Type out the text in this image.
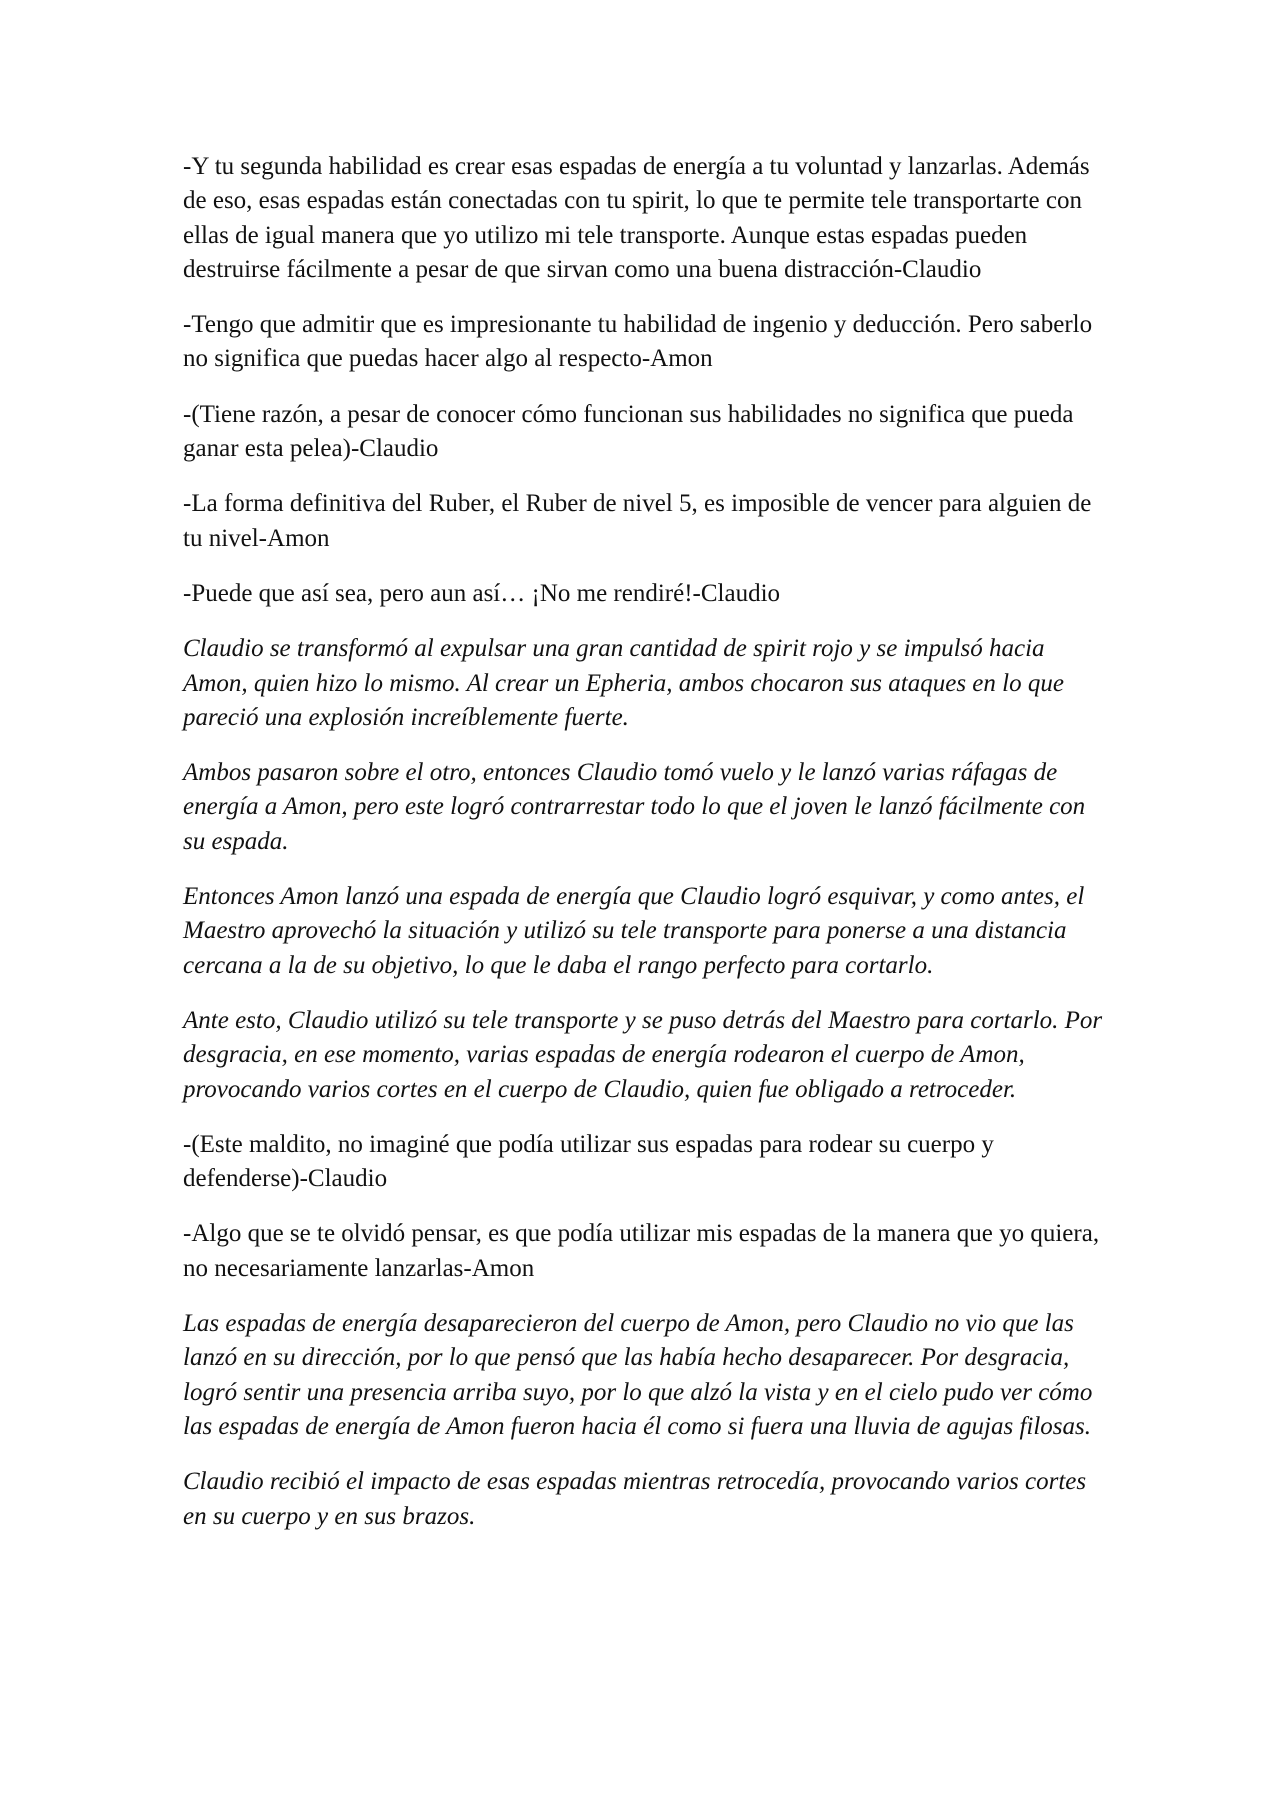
-Y tu segunda habilidad es crear esas espadas de energía a tu voluntad y lanzarlas. Además de eso, esas espadas están conectadas con tu spirit, lo que te permite tele transportarte con ellas de igual manera que yo utilizo mi tele transporte. Aunque estas espadas pueden destruirse fácilmente a pesar de que sirvan como una buena distracción-Claudio

-Tengo que admitir que es impresionante tu habilidad de ingenio y deducción. Pero saberlo no significa que puedas hacer algo al respecto-Amon

-(Tiene razón, a pesar de conocer cómo funcionan sus habilidades no significa que pueda ganar esta pelea)-Claudio

-La forma definitiva del Ruber, el Ruber de nivel 5, es imposible de vencer para alguien de tu nivel-Amon

-Puede que así sea, pero aun así… ¡No me rendiré!-Claudio

Claudio se transformó al expulsar una gran cantidad de spirit rojo y se impulsó hacia Amon, quien hizo lo mismo. Al crear un Epheria, ambos chocaron sus ataques en lo que pareció una explosión increíblemente fuerte.

Ambos pasaron sobre el otro, entonces Claudio tomó vuelo y le lanzó varias ráfagas de energía a Amon, pero este logró contrarrestar todo lo que el joven le lanzó fácilmente con su espada.

Entonces Amon lanzó una espada de energía que Claudio logró esquivar, y como antes, el Maestro aprovechó la situación y utilizó su tele transporte para ponerse a una distancia cercana a la de su objetivo, lo que le daba el rango perfecto para cortarlo.

Ante esto, Claudio utilizó su tele transporte y se puso detrás del Maestro para cortarlo. Por desgracia, en ese momento, varias espadas de energía rodearon el cuerpo de Amon, provocando varios cortes en el cuerpo de Claudio, quien fue obligado a retroceder.

-(Este maldito, no imaginé que podía utilizar sus espadas para rodear su cuerpo y defenderse)-Claudio

-Algo que se te olvidó pensar, es que podía utilizar mis espadas de la manera que yo quiera, no necesariamente lanzarlas-Amon

Las espadas de energía desaparecieron del cuerpo de Amon, pero Claudio no vio que las lanzó en su dirección, por lo que pensó que las había hecho desaparecer. Por desgracia, logró sentir una presencia arriba suyo, por lo que alzó la vista y en el cielo pudo ver cómo las espadas de energía de Amon fueron hacia él como si fuera una lluvia de agujas filosas.

Claudio recibió el impacto de esas espadas mientras retrocedía, provocando varios cortes en su cuerpo y en sus brazos.
